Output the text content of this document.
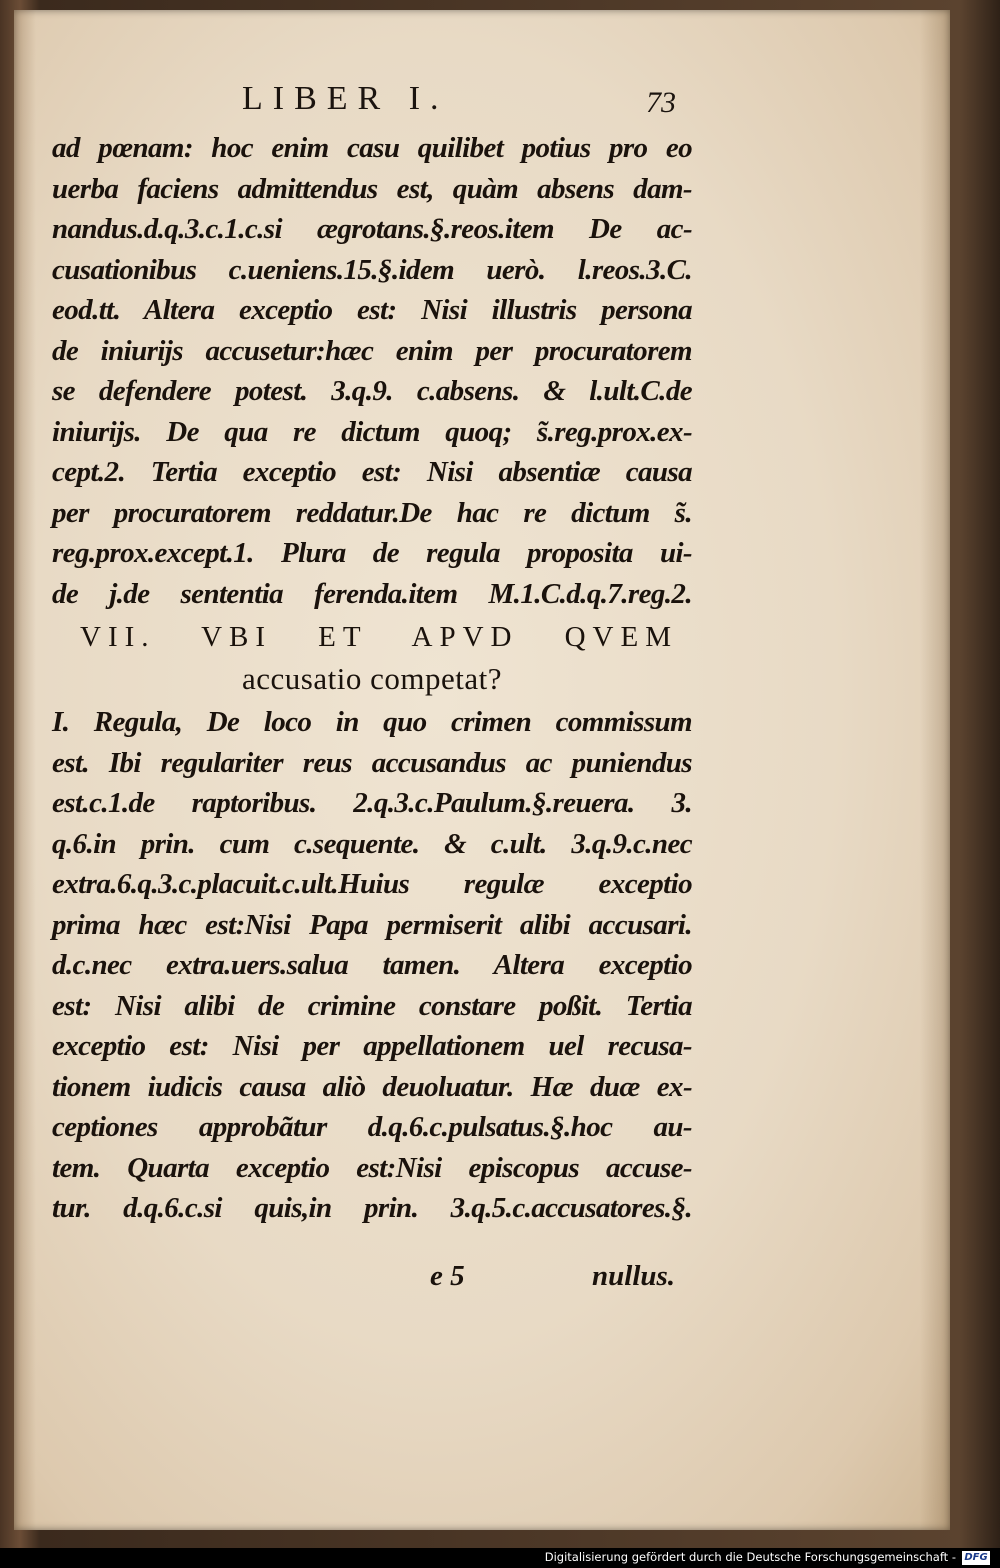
LIBER I.	73
ad pœnam: hoc enim casu quilibet potius pro eo
uerba faciens admittendus est, quàm absens dam-
nandus.d.q.3.c.1.c.si ægrotans.§.reos.item De ac-
cusationibus c.ueniens.15.§.idem uerò. l.reos.3.C.
eod.tt. Altera exceptio est: Nisi illustris persona
de iniurijs accusetur:hæc enim per procuratorem
se defendere potest. 3.q.9. c.absens. & l.ult.C.de
iniurijs. De qua re dictum quoq; s̃.reg.prox.ex-
cept.2. Tertia exceptio est: Nisi absentiæ causa
per procuratorem reddatur.De hac re dictum s̃.
reg.prox.except.1. Plura de regula proposita ui-
de j.de sententia ferenda.item M.1.C.d.q.7.reg.2.
VII. VBI ET APVD QVEM
accusatio competat?
I. Regula, De loco in quo crimen commissum
est. Ibi regulariter reus accusandus ac puniendus
est.c.1.de raptoribus. 2.q.3.c.Paulum.§.reuera. 3.
q.6.in prin. cum c.sequente. & c.ult. 3.q.9.c.nec
extra.6.q.3.c.placuit.c.ult.Huius regulæ exceptio
prima hæc est:Nisi Papa permiserit alibi accusari.
d.c.nec extra.uers.salua tamen. Altera exceptio
est: Nisi alibi de crimine constare poßit. Tertia
exceptio est: Nisi per appellationem uel recusa-
tionem iudicis causa aliò deuoluatur. Hæ duæ ex-
ceptiones approbãtur d.q.6.c.pulsatus.§.hoc au-
tem. Quarta exceptio est:Nisi episcopus accuse-
tur. d.q.6.c.si quis,in prin. 3.q.5.c.accusatores.§.
e 5	nullus.
Digitalisierung gefördert durch die Deutsche Forschungsgemeinschaft - DFG
